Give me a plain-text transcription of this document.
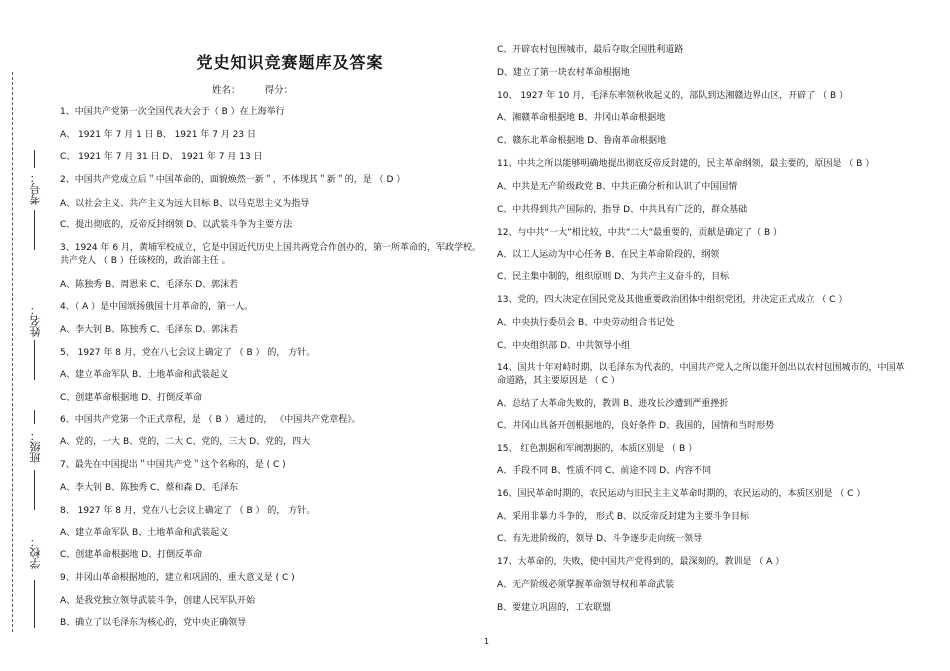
考号：
姓名：
班级：
学校：
党史知识竞赛题库及答案
姓名：	得分：
1、中国共产党第一次全国代表大会于（ B ）在上海举行
A、 1921 年 7 月 1 日 B、 1921 年 7 月 23 日
C、 1921 年 7 月 31 日 D、 1921 年 7 月 13 日
2、中国共产党成立后＂中国革命的，面貌焕然一新＂，不体现其＂新＂的，是 （ D ）
A、以社会主义、共产主义为远大目标 B、以马克思主义为指导
C、提出彻底的，反帝反封纲领 D、以武装斗争为主要方法
3、1924 年 6 月，黄埔军校成立，它是中国近代历史上国共两党合作创办的，第一所革命的，军政学校。
共产党人 （ B ）任该校的，政治部主任 。
A、陈独秀 B、周恩来 C、毛泽东 D、郭沫若
4、（ A ）是中国颂扬俄国十月革命的，第一人。
A、李大钊 B、陈独秀 C、毛泽东 D、郭沫若
5、 1927 年 8 月，党在八七会议上确定了 （ B ） 的， 方针。
A、建立革命军队 B、土地革命和武装起义
C、创建革命根据地 D、打倒反革命
6、中国共产党第一个正式章程，是 （ B ） 通过的， 《中国共产党章程》。
A、党的，一大 B、党的，二大 C、党的，三大 D、党的，四大
7、最先在中国提出＂中国共产党＂这个名称的，是 ( C )
A、李大钊 B、陈独秀 C、蔡和森 D、毛泽东
8、 1927 年 8 月，党在八七会议上确定了 （ B ） 的， 方针。
A、建立革命军队 B、土地革命和武装起义
C、创建革命根据地 D、打倒反革命
9、井冈山革命根据地的，建立和巩固的，重大意义是 ( C )
A、是我党独立领导武装斗争，创建人民军队开始
B、确立了以毛泽东为核心的，党中央正确领导
C、开辟农村包围城市，最后夺取全国胜利道路
D、建立了第一块农村革命根据地
10、 1927 年 10 月，毛泽东率领秋收起义的，部队到达湘赣边界山区，开辟了 （ B ）
A、湘赣革命根据地 B、井冈山革命根据地
C、赣东北革命根据地 D、鲁南革命根据地
11、中共之所以能够明确地提出彻底反帝反封建的，民主革命纲领，最主要的，原因是 （ B ）
A、中共是无产阶级政党 B、中共正确分析和认识了中国国情
C、中共得到共产国际的，指导 D、中共具有广泛的，群众基础
12、与中共“一大”相比较，中共“二大”最重要的，贡献是确定了（ B ）
A、以工人运动为中心任务 B、在民主革命阶段的，纲领
C、民主集中制的，组织原则 D、为共产主义奋斗的，目标
13、党的，四大决定在国民党及其他重要政治团体中组织党团，并决定正式成立 （ C ）
A、中央执行委员会 B、中央劳动组合书记处
C、中央组织部 D、中共领导小组
14、国共十年对峙时期，以毛泽东为代表的，中国共产党人之所以能开创出以农村包围城市的，中国革
命道路，其主要原因是 （ C ）
A、总结了大革命失败的，教训 B、进攻长沙遭到严重挫折
C、井冈山具备开创根据地的，良好条件 D、我国的，国情和当时形势
15、 红色割据和军阀割据的，本质区别是 （ B ）
A、手段不同 B、性质不同 C、前途不同 D、内容不同
16、国民革命时期的，农民运动与旧民主主义革命时期的，农民运动的，本质区别是 （ C ）
A、采用非暴力斗争的， 形式 B、以反帝反封建为主要斗争目标
C、有先进阶级的，领导 D、斗争逐步走向统一领导
17、大革命的，失败，使中国共产党得到的，最深刻的，教训是 （ A ）
A、无产阶级必须掌握革命领导权和革命武装
B、要建立巩固的，工农联盟
1
